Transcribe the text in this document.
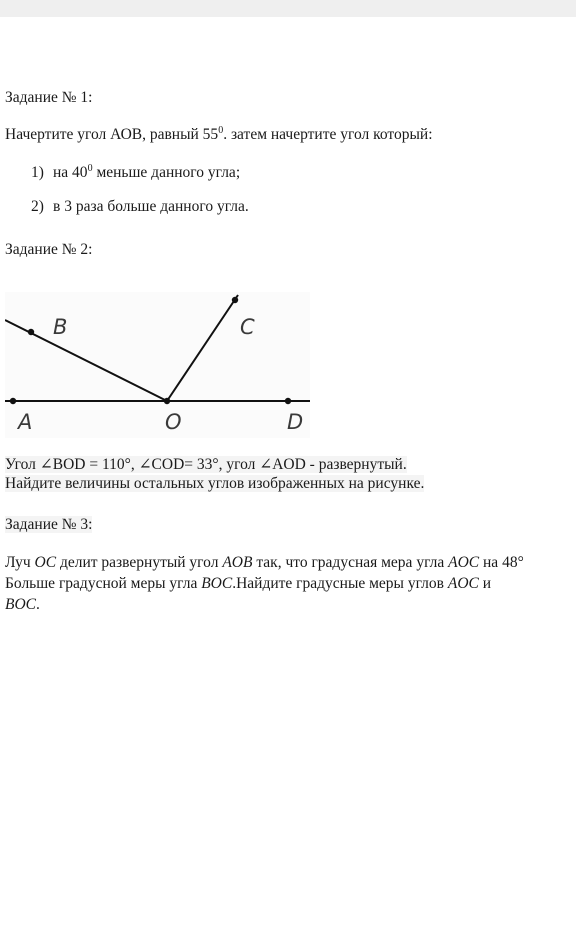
Задание № 1:
Начертите угол АОВ, равный $55^0$. затем начертите угол который:
1) на $40^0$ меньше данного угла;
2) в 3 раза больше данного угла.
Задание № 2:
B	C
A	O	D
Угол ∠BOD = 110°, ∠COD= 33°, угол ∠AOD - развернутый.
Найдите величины остальных углов изображенных на рисунке.
Задание № 3:
Луч OC делит развернутый угол AOB так, что градусная мера угла AOC на 48°
Больше градусной меры угла BOC.Найдите градусные меры углов AOC и
BOC.
